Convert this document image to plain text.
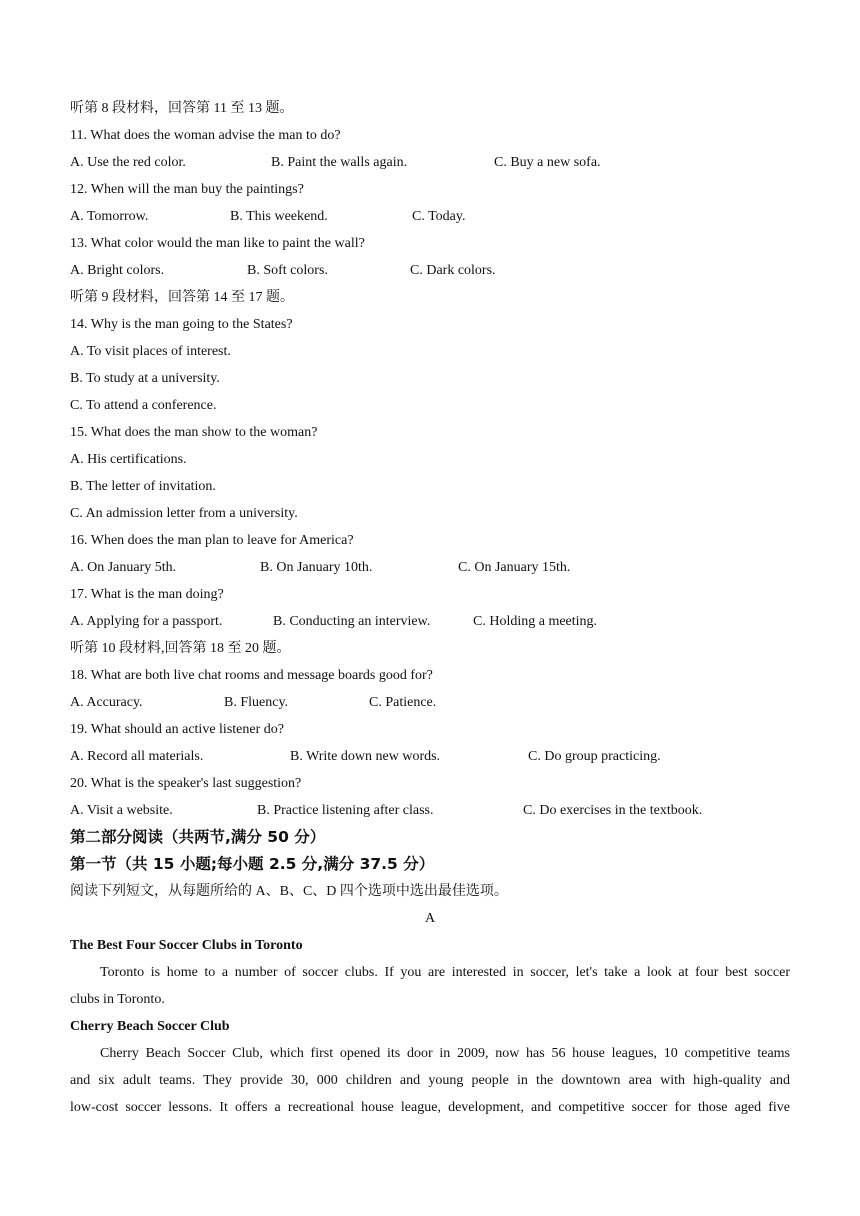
听第 8 段材料，回答第 11 至 13 题。
11. What does the woman advise the man to do?
A. Use the red color.	B. Paint the walls again.	C. Buy a new sofa.
12. When will the man buy the paintings?
A. Tomorrow.	B. This weekend.	C. Today.
13. What color would the man like to paint the wall?
A. Bright colors.	B. Soft colors.	C. Dark colors.
听第 9 段材料，回答第 14 至 17 题。
14. Why is the man going to the States?
A. To visit places of interest.
B. To study at a university.
C. To attend a conference.
15. What does the man show to the woman?
A. His certifications.
B. The letter of invitation.
C. An admission letter from a university.
16. When does the man plan to leave for America?
A. On January 5th.	B. On January 10th.	C. On January 15th.
17. What is the man doing?
A. Applying for a passport.	B. Conducting an interview.	C. Holding a meeting.
听第 10 段材料,回答第 18 至 20 题。
18. What are both live chat rooms and message boards good for?
A. Accuracy.	B. Fluency.	C. Patience.
19. What should an active listener do?
A. Record all materials.	B. Write down new words.	C. Do group practicing.
20. What is the speaker's last suggestion?
A. Visit a website.	B. Practice listening after class.	C. Do exercises in the textbook.
第二部分阅读（共两节,满分 50 分）
第一节（共 15 小题;每小题 2.5 分,满分 37.5 分）
阅读下列短文，从每题所给的 A、B、C、D 四个选项中选出最佳选项。
A
The Best Four Soccer Clubs in Toronto

Toronto is home to a number of soccer clubs. If you are interested in soccer, let's take a look at four best soccer

clubs in Toronto.
Cherry Beach Soccer Club

Cherry Beach Soccer Club, which first opened its door in 2009, now has 56 house leagues, 10 competitive teams

and six adult teams. They provide 30, 000 children and young people in the downtown area with high-quality and

low-cost soccer lessons. It offers a recreational house league, development, and competitive soccer for those aged five
